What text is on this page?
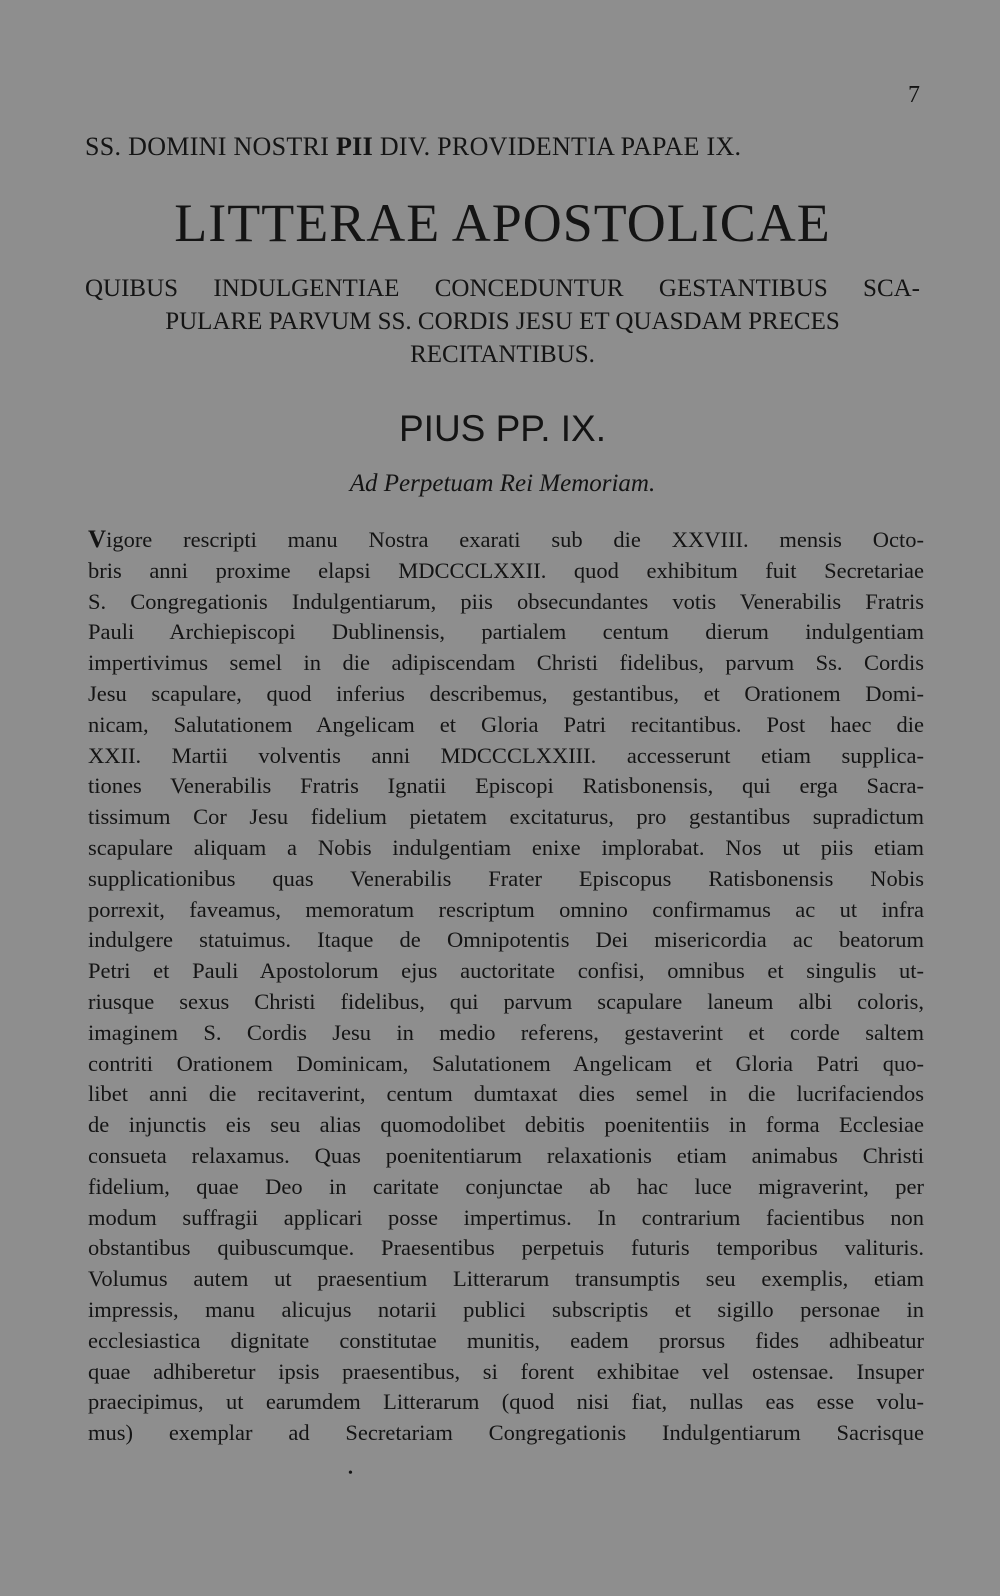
7
SS. DOMINI NOSTRI PII DIV. PROVIDENTIA PAPAE IX.
LITTERAE APOSTOLICAE
QUIBUS INDULGENTIAE CONCEDUNTUR GESTANTIBUS SCA-
PULARE PARVUM SS. CORDIS JESU ET QUASDAM PRECES
RECITANTIBUS.
PIUS PP. IX.
Ad Perpetuam Rei Memoriam.
Vigore rescripti manu Nostra exarati sub die XXVIII. mensis Octo-
bris anni proxime elapsi MDCCCLXXII. quod exhibitum fuit Secretariae
S. Congregationis Indulgentiarum, piis obsecundantes votis Venerabilis Fratris
Pauli Archiepiscopi Dublinensis, partialem centum dierum indulgentiam
impertivimus semel in die adipiscendam Christi fidelibus, parvum Ss. Cordis
Jesu scapulare, quod inferius describemus, gestantibus, et Orationem Domi-
nicam, Salutationem Angelicam et Gloria Patri recitantibus. Post haec die
XXII. Martii volventis anni MDCCCLXXIII. accesserunt etiam supplica-
tiones Venerabilis Fratris Ignatii Episcopi Ratisbonensis, qui erga Sacra-
tissimum Cor Jesu fidelium pietatem excitaturus, pro gestantibus supradictum
scapulare aliquam a Nobis indulgentiam enixe implorabat. Nos ut piis etiam
supplicationibus quas Venerabilis Frater Episcopus Ratisbonensis Nobis
porrexit, faveamus, memoratum rescriptum omnino confirmamus ac ut infra
indulgere statuimus. Itaque de Omnipotentis Dei misericordia ac beatorum
Petri et Pauli Apostolorum ejus auctoritate confisi, omnibus et singulis ut-
riusque sexus Christi fidelibus, qui parvum scapulare laneum albi coloris,
imaginem S. Cordis Jesu in medio referens, gestaverint et corde saltem
contriti Orationem Dominicam, Salutationem Angelicam et Gloria Patri quo-
libet anni die recitaverint, centum dumtaxat dies semel in die lucrifaciendos
de injunctis eis seu alias quomodolibet debitis poenitentiis in forma Ecclesiae
consueta relaxamus. Quas poenitentiarum relaxationis etiam animabus Christi
fidelium, quae Deo in caritate conjunctae ab hac luce migraverint, per
modum suffragii applicari posse impertimus. In contrarium facientibus non
obstantibus quibuscumque. Praesentibus perpetuis futuris temporibus valituris.
Volumus autem ut praesentium Litterarum transumptis seu exemplis, etiam
impressis, manu alicujus notarii publici subscriptis et sigillo personae in
ecclesiastica dignitate constitutae munitis, eadem prorsus fides adhibeatur
quae adhiberetur ipsis praesentibus, si forent exhibitae vel ostensae. Insuper
praecipimus, ut earumdem Litterarum (quod nisi fiat, nullas eas esse volu-
mus) exemplar ad Secretariam Congregationis Indulgentiarum Sacrisque
•
